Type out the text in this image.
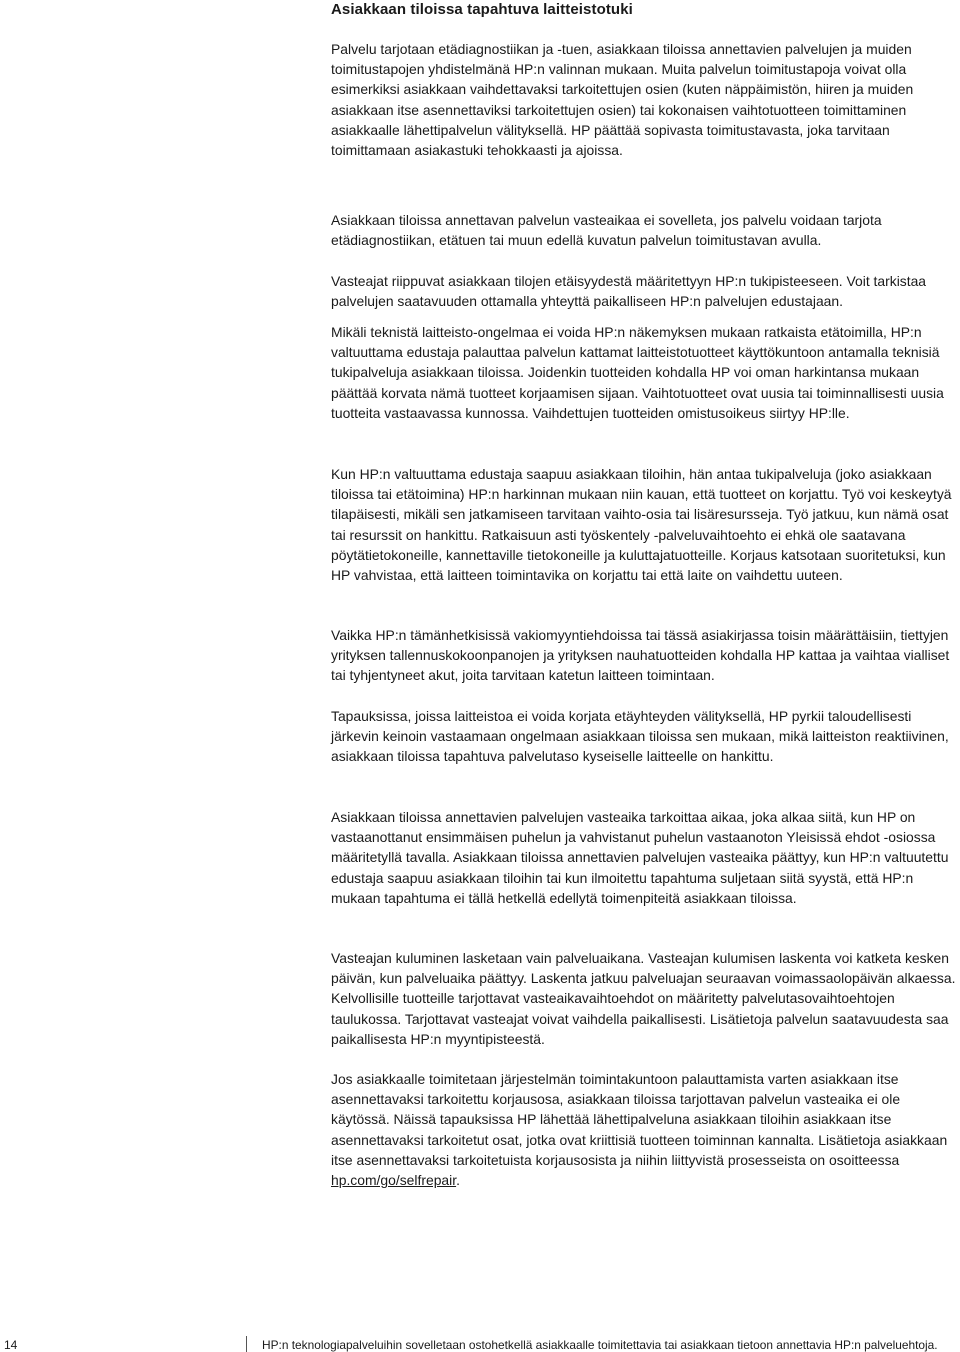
Asiakkaan tiloissa tapahtuva laitteistotuki

Palvelu tarjotaan etädiagnostiikan ja -tuen, asiakkaan tiloissa annettavien palvelujen ja muiden toimitustapojen yhdistelmänä HP:n valinnan mukaan. Muita palvelun toimitustapoja voivat olla esimerkiksi asiakkaan vaihdettavaksi tarkoitettujen osien (kuten näppäimistön, hiiren ja muiden asiakkaan itse asennettaviksi tarkoitettujen osien) tai kokonaisen vaihtotuotteen toimittaminen asiakkaalle lähettipalvelun välityksellä. HP päättää sopivasta toimitustavasta, joka tarvitaan toimittamaan asiakastuki tehokkaasti ja ajoissa.

Asiakkaan tiloissa annettavan palvelun vasteaikaa ei sovelleta, jos palvelu voidaan tarjota etädiagnostiikan, etätuen tai muun edellä kuvatun palvelun toimitustavan avulla.

Vasteajat riippuvat asiakkaan tilojen etäisyydestä määritettyyn HP:n tukipisteeseen. Voit tarkistaa palvelujen saatavuuden ottamalla yhteyttä paikalliseen HP:n palvelujen edustajaan.

Mikäli teknistä laitteisto-ongelmaa ei voida HP:n näkemyksen mukaan ratkaista etätoimilla, HP:n valtuuttama edustaja palauttaa palvelun kattamat laitteistotuotteet käyttökuntoon antamalla teknisiä tukipalveluja asiakkaan tiloissa. Joidenkin tuotteiden kohdalla HP voi oman harkintansa mukaan päättää korvata nämä tuotteet korjaamisen sijaan. Vaihtotuotteet ovat uusia tai toiminnallisesti uusia tuotteita vastaavassa kunnossa. Vaihdettujen tuotteiden omistusoikeus siirtyy HP:lle.

Kun HP:n valtuuttama edustaja saapuu asiakkaan tiloihin, hän antaa tukipalveluja (joko asiakkaan tiloissa tai etätoimina) HP:n harkinnan mukaan niin kauan, että tuotteet on korjattu. Työ voi keskeytyä tilapäisesti, mikäli sen jatkamiseen tarvitaan vaihto-osia tai lisäresursseja. Työ jatkuu, kun nämä osat tai resurssit on hankittu. Ratkaisuun asti työskentely -palveluvaihtoehto ei ehkä ole saatavana pöytätietokoneille, kannettaville tietokoneille ja kuluttajatuotteille. Korjaus katsotaan suoritetuksi, kun HP vahvistaa, että laitteen toimintavika on korjattu tai että laite on vaihdettu uuteen.

Vaikka HP:n tämänhetkisissä vakiomyyntiehdoissa tai tässä asiakirjassa toisin määrättäisiin, tiettyjen yrityksen tallennuskokoonpanojen ja yrityksen nauhatuotteiden kohdalla HP kattaa ja vaihtaa vialliset tai tyhjentyneet akut, joita tarvitaan katetun laitteen toimintaan.

Tapauksissa, joissa laitteistoa ei voida korjata etäyhteyden välityksellä, HP pyrkii taloudellisesti järkevin keinoin vastaamaan ongelmaan asiakkaan tiloissa sen mukaan, mikä laitteiston reaktiivinen, asiakkaan tiloissa tapahtuva palvelutaso kyseiselle laitteelle on hankittu.

Asiakkaan tiloissa annettavien palvelujen vasteaika tarkoittaa aikaa, joka alkaa siitä, kun HP on vastaanottanut ensimmäisen puhelun ja vahvistanut puhelun vastaanoton Yleisissä ehdot -osiossa määritetyllä tavalla. Asiakkaan tiloissa annettavien palvelujen vasteaika päättyy, kun HP:n valtuutettu edustaja saapuu asiakkaan tiloihin tai kun ilmoitettu tapahtuma suljetaan siitä syystä, että HP:n mukaan tapahtuma ei tällä hetkellä edellytä toimenpiteitä asiakkaan tiloissa.

Vasteajan kuluminen lasketaan vain palveluaikana. Vasteajan kulumisen laskenta voi katketa kesken päivän, kun palveluaika päättyy. Laskenta jatkuu palveluajan seuraavan voimassaolopäivän alkaessa. Kelvollisille tuotteille tarjottavat vasteaikavaihtoehdot on määritetty palvelutasovaihtoehtojen taulukossa. Tarjottavat vasteajat voivat vaihdella paikallisesti. Lisätietoja palvelun saatavuudesta saa paikallisesta HP:n myyntipisteestä.

Jos asiakkaalle toimitetaan järjestelmän toimintakuntoon palauttamista varten asiakkaan itse asennettavaksi tarkoitettu korjausosa, asiakkaan tiloissa tarjottavan palvelun vasteaika ei ole käytössä. Näissä tapauksissa HP lähettää lähettipalveluna asiakkaan tiloihin asiakkaan itse asennettavaksi tarkoitetut osat, jotka ovat kriittisiä tuotteen toiminnan kannalta. Lisätietoja asiakkaan itse asennettavaksi tarkoitetuista korjausosista ja niihin liittyvistä prosesseista on osoitteessa hp.com/go/selfrepair.

14	HP:n teknologiapalveluihin sovelletaan ostohetkellä asiakkaalle toimitettavia tai asiakkaan tietoon annettavia HP:n palveluehtoja.
